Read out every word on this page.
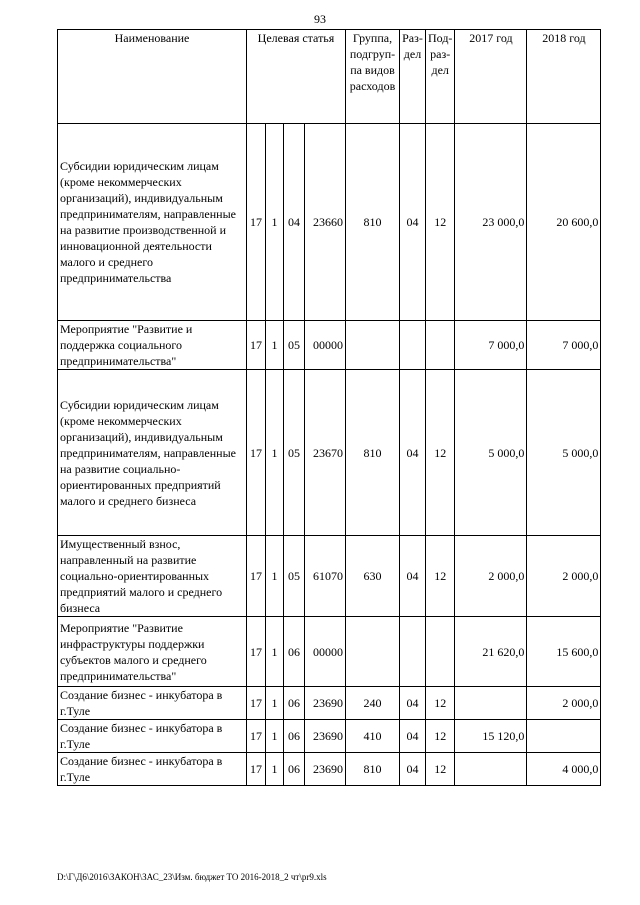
93
Наименование	Целевая статья				Группа, подгруп-па видов расходов	Раз-дел	Под-раз-дел	2017 год	2018 год
Субсидии юридическим лицам (кроме некоммерческих организаций), индивидуальным предпринимателям, направленные на развитие производственной и инновационной деятельности малого и среднего предпринимательства	17	1	04	23660	810	04	12	23 000,0	20 600,0
Мероприятие "Развитие и поддержка социального предпринимательства"	17	1	05	00000				7 000,0	7 000,0
Субсидии юридическим лицам (кроме некоммерческих организаций), индивидуальным предпринимателям, направленные на развитие социально-ориентированных предприятий малого и среднего бизнеса	17	1	05	23670	810	04	12	5 000,0	5 000,0
Имущественный взнос, направленный на развитие социально-ориентированных предприятий малого и среднего бизнеса	17	1	05	61070	630	04	12	2 000,0	2 000,0
Мероприятие "Развитие инфраструктуры поддержки субъектов малого и среднего предпринимательства"	17	1	06	00000				21 620,0	15 600,0
Создание бизнес - инкубатора в г.Туле	17	1	06	23690	240	04	12		2 000,0
Создание бизнес - инкубатора в г.Туле	17	1	06	23690	410	04	12	15 120,0	
Создание бизнес - инкубатора в г.Туле	17	1	06	23690	810	04	12		4 000,0
D:\Г\Д6\2016\ЗАКОН\ЗАС_23\Изм. бюджет ТО 2016-2018_2 чт\pr9.xls
